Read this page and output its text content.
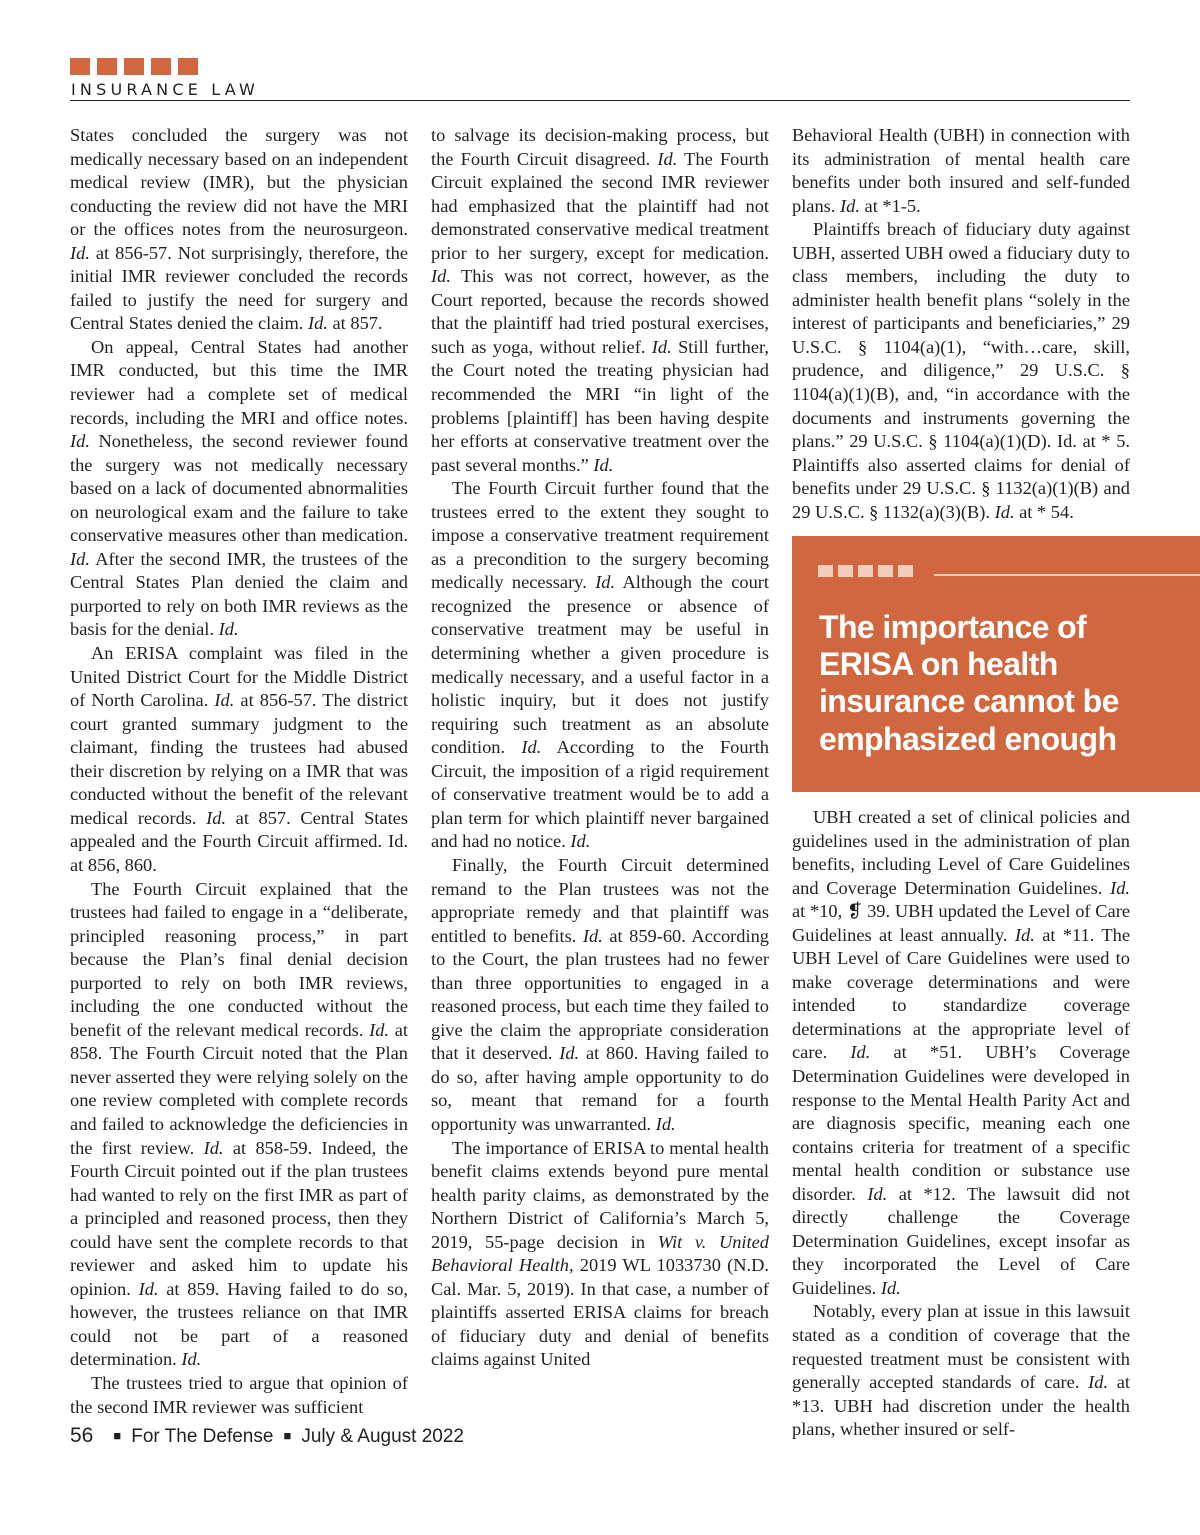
INSURANCE LAW

States concluded the surgery was not medically necessary based on an independent medical review (IMR), but the physician conducting the review did not have the MRI or the offices notes from the neurosurgeon. Id. at 856-57. Not surprisingly, therefore, the initial IMR reviewer concluded the records failed to justify the need for surgery and Central States denied the claim. Id. at 857.

On appeal, Central States had another IMR conducted, but this time the IMR reviewer had a complete set of medical records, including the MRI and office notes. Id. Nonetheless, the second reviewer found the surgery was not medically necessary based on a lack of documented abnormalities on neurological exam and the failure to take conservative measures other than medication. Id. After the second IMR, the trustees of the Central States Plan denied the claim and purported to rely on both IMR reviews as the basis for the denial. Id.

An ERISA complaint was filed in the United District Court for the Middle District of North Carolina. Id. at 856-57. The district court granted summary judgment to the claimant, finding the trustees had abused their discretion by relying on a IMR that was conducted without the benefit of the relevant medical records. Id. at 857. Central States appealed and the Fourth Circuit affirmed. Id. at 856, 860.

The Fourth Circuit explained that the trustees had failed to engage in a “deliberate, principled reasoning process,” in part because the Plan’s final denial decision purported to rely on both IMR reviews, including the one conducted without the benefit of the relevant medical records. Id. at 858. The Fourth Circuit noted that the Plan never asserted they were relying solely on the one review completed with complete records and failed to acknowledge the deficiencies in the first review. Id. at 858-59. Indeed, the Fourth Circuit pointed out if the plan trustees had wanted to rely on the first IMR as part of a principled and reasoned process, then they could have sent the complete records to that reviewer and asked him to update his opinion. Id. at 859. Having failed to do so, however, the trustees reliance on that IMR could not be part of a reasoned determination. Id.

The trustees tried to argue that opinion of the second IMR reviewer was sufficient

to salvage its decision-making process, but the Fourth Circuit disagreed. Id. The Fourth Circuit explained the second IMR reviewer had emphasized that the plaintiff had not demonstrated conservative medical treatment prior to her surgery, except for medication. Id. This was not correct, however, as the Court reported, because the records showed that the plaintiff had tried postural exercises, such as yoga, without relief. Id. Still further, the Court noted the treating physician had recommended the MRI “in light of the problems [plaintiff] has been having despite her efforts at conservative treatment over the past several months.” Id.

The Fourth Circuit further found that the trustees erred to the extent they sought to impose a conservative treatment requirement as a precondition to the surgery becoming medically necessary. Id. Although the court recognized the presence or absence of conservative treatment may be useful in determining whether a given procedure is medically necessary, and a useful factor in a holistic inquiry, but it does not justify requiring such treatment as an absolute condition. Id. According to the Fourth Circuit, the imposition of a rigid requirement of conservative treatment would be to add a plan term for which plaintiff never bargained and had no notice. Id.

Finally, the Fourth Circuit determined remand to the Plan trustees was not the appropriate remedy and that plaintiff was entitled to benefits. Id. at 859-60. According to the Court, the plan trustees had no fewer than three opportunities to engaged in a reasoned process, but each time they failed to give the claim the appropriate consideration that it deserved. Id. at 860. Having failed to do so, after having ample opportunity to do so, meant that remand for a fourth opportunity was unwarranted. Id.

The importance of ERISA to mental health benefit claims extends beyond pure mental health parity claims, as demonstrated by the Northern District of California’s March 5, 2019, 55-page decision in Wit v. United Behavioral Health, 2019 WL 1033730 (N.D. Cal. Mar. 5, 2019). In that case, a number of plaintiffs asserted ERISA claims for breach of fiduciary duty and denial of benefits claims against United

Behavioral Health (UBH) in connection with its administration of mental health care benefits under both insured and self-funded plans. Id. at *1-5.

Plaintiffs breach of fiduciary duty against UBH, asserted UBH owed a fiduciary duty to class members, including the duty to administer health benefit plans “solely in the interest of participants and beneficiaries,” 29 U.S.C. § 1104(a)(1), “with…care, skill, prudence, and diligence,” 29 U.S.C. § 1104(a)(1)(B), and, “in accordance with the documents and instruments governing the plans.” 29 U.S.C. § 1104(a)(1)(D). Id. at * 5. Plaintiffs also asserted claims for denial of benefits under 29 U.S.C. § 1132(a)(1)(B) and 29 U.S.C. § 1132(a)(3)(B). Id. at * 54.

The importance of
ERISA on health
insurance cannot be
emphasized enough

UBH created a set of clinical policies and guidelines used in the administration of plan benefits, including Level of Care Guidelines and Coverage Determination Guidelines. Id. at *10, ❡ 39. UBH updated the Level of Care Guidelines at least annually. Id. at *11. The UBH Level of Care Guidelines were used to make coverage determinations and were intended to standardize coverage determinations at the appropriate level of care. Id. at *51. UBH’s Coverage Determination Guidelines were developed in response to the Mental Health Parity Act and are diagnosis specific, meaning each one contains criteria for treatment of a specific mental health condition or substance use disorder. Id. at *12. The lawsuit did not directly challenge the Coverage Determination Guidelines, except insofar as they incorporated the Level of Care Guidelines. Id.

Notably, every plan at issue in this lawsuit stated as a condition of coverage that the requested treatment must be consistent with generally accepted standards of care. Id. at *13. UBH had discretion under the health plans, whether insured or self-

56 ■ For The Defense ■ July & August 2022
